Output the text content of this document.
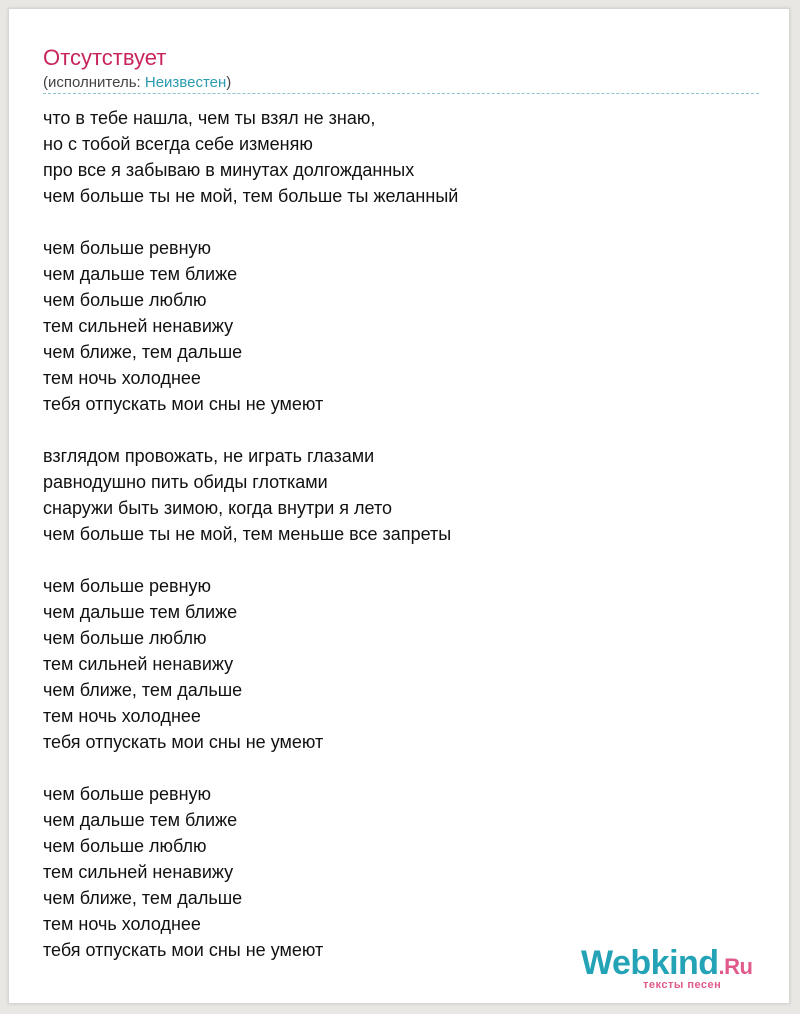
Отсутствует
(исполнитель: Неизвестен)
что в тебе нашла, чем ты взял не знаю,
но с тобой всегда себе изменяю
про все я забываю в минутах долгожданных
чем больше ты не мой, тем больше ты желанный
чем больше ревную
чем дальше тем ближе
чем больше люблю
тем сильней ненавижу
чем ближе, тем дальше
тем ночь холоднее
тебя отпускать мои сны не умеют
взглядом провожать, не играть глазами
равнодушно пить обиды глотками
снаружи быть зимою, когда внутри я лето
чем больше ты не мой, тем меньше все запреты
чем больше ревную
чем дальше тем ближе
чем больше люблю
тем сильней ненавижу
чем ближе, тем дальше
тем ночь холоднее
тебя отпускать мои сны не умеют
чем больше ревную
чем дальше тем ближе
чем больше люблю
тем сильней ненавижу
чем ближе, тем дальше
тем ночь холоднее
тебя отпускать мои сны не умеют	Webkind.Ru
тексты песен
